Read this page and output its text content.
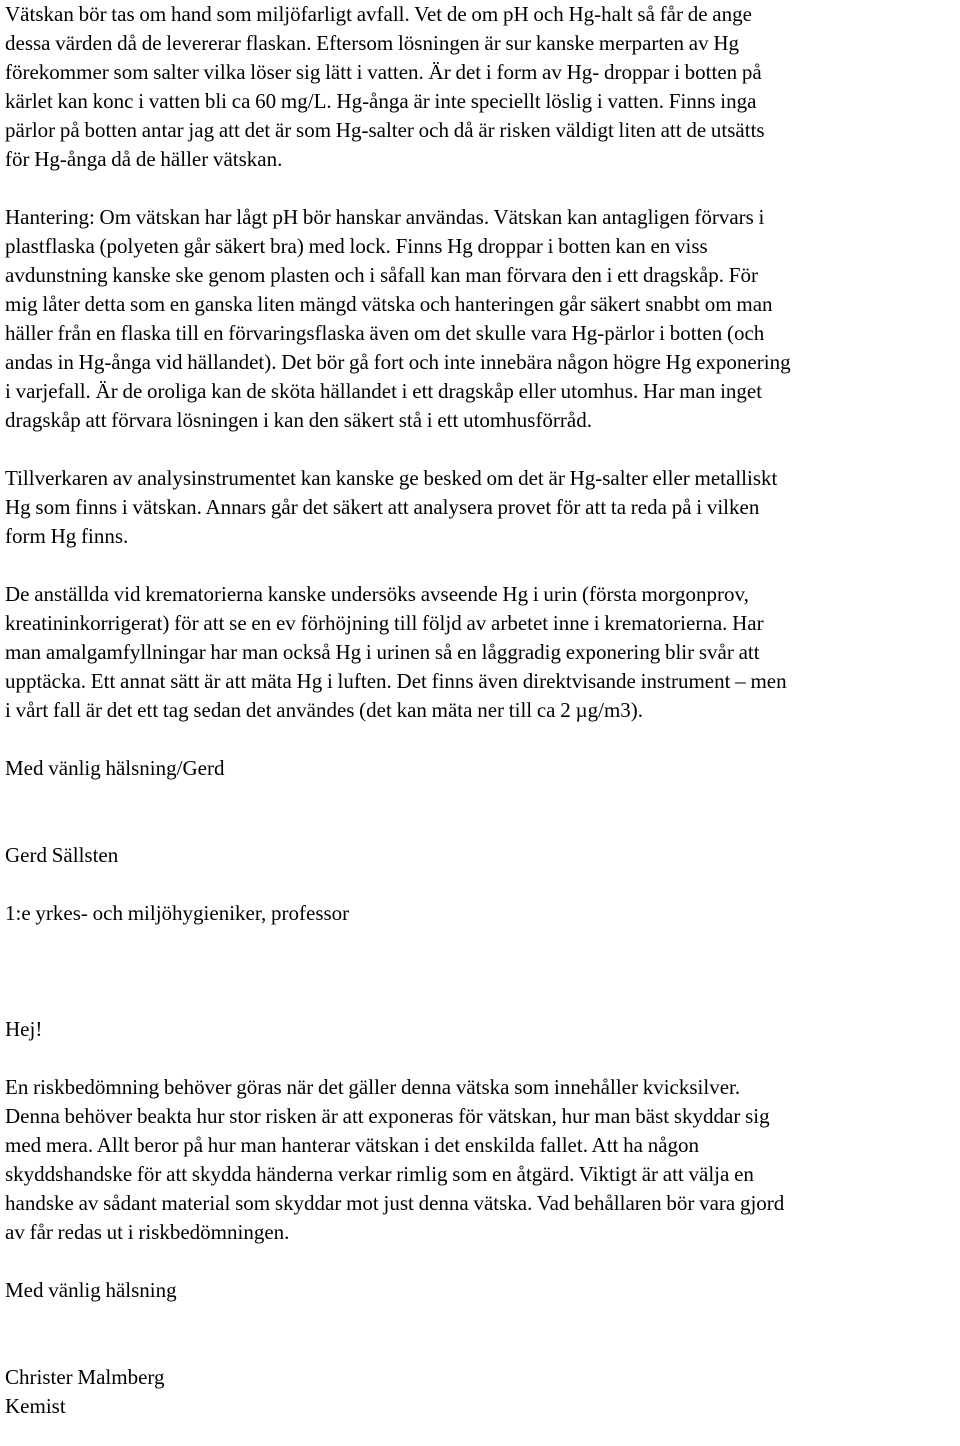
Vätskan bör tas om hand som miljöfarligt avfall. Vet de om pH och Hg-halt så får de ange
dessa värden då de levererar flaskan. Eftersom lösningen är sur kanske merparten av Hg
förekommer som salter vilka löser sig lätt i vatten. Är det i form av Hg- droppar i botten på
kärlet kan konc i vatten bli ca 60 mg/L. Hg-ånga är inte speciellt löslig i vatten. Finns inga
pärlor på botten antar jag att det är som Hg-salter och då är risken väldigt liten att de utsätts
för Hg-ånga då de häller vätskan.

Hantering: Om vätskan har lågt pH bör hanskar användas. Vätskan kan antagligen förvars i
plastflaska (polyeten går säkert bra) med lock. Finns Hg droppar i botten kan en viss
avdunstning kanske ske genom plasten och i såfall kan man förvara den i ett dragskåp. För
mig låter detta som en ganska liten mängd vätska och hanteringen går säkert snabbt om man
häller från en flaska till en förvaringsflaska även om det skulle vara Hg-pärlor i botten (och
andas in Hg-ånga vid hällandet). Det bör gå fort och inte innebära någon högre Hg exponering
i varjefall. Är de oroliga kan de sköta hällandet i ett dragskåp eller utomhus. Har man inget
dragskåp att förvara lösningen i kan den säkert stå i ett utomhusförråd.

Tillverkaren av analysinstrumentet kan kanske ge besked om det är Hg-salter eller metalliskt
Hg som finns i vätskan. Annars går det säkert att analysera provet för att ta reda på i vilken
form Hg finns.

De anställda vid krematorierna kanske undersöks avseende Hg i urin (första morgonprov,
kreatininkorrigerat) för att se en ev förhöjning till följd av arbetet inne i krematorierna. Har
man amalgamfyllningar har man också Hg i urinen så en låggradig exponering blir svår att
upptäcka. Ett annat sätt är att mäta Hg i luften. Det finns även direktvisande instrument – men
i vårt fall är det ett tag sedan det användes (det kan mäta ner till ca 2 µg/m3).

Med vänlig hälsning/Gerd

Gerd Sällsten

1:e yrkes- och miljöhygieniker, professor

Hej!

En riskbedömning behöver göras när det gäller denna vätska som innehåller kvicksilver.
Denna behöver beakta hur stor risken är att exponeras för vätskan, hur man bäst skyddar sig
med mera. Allt beror på hur man hanterar vätskan i det enskilda fallet. Att ha någon
skyddshandske för att skydda händerna verkar rimlig som en åtgärd. Viktigt är att välja en
handske av sådant material som skyddar mot just denna vätska. Vad behållaren bör vara gjord
av får redas ut i riskbedömningen.

Med vänlig hälsning

Christer Malmberg

Kemist
